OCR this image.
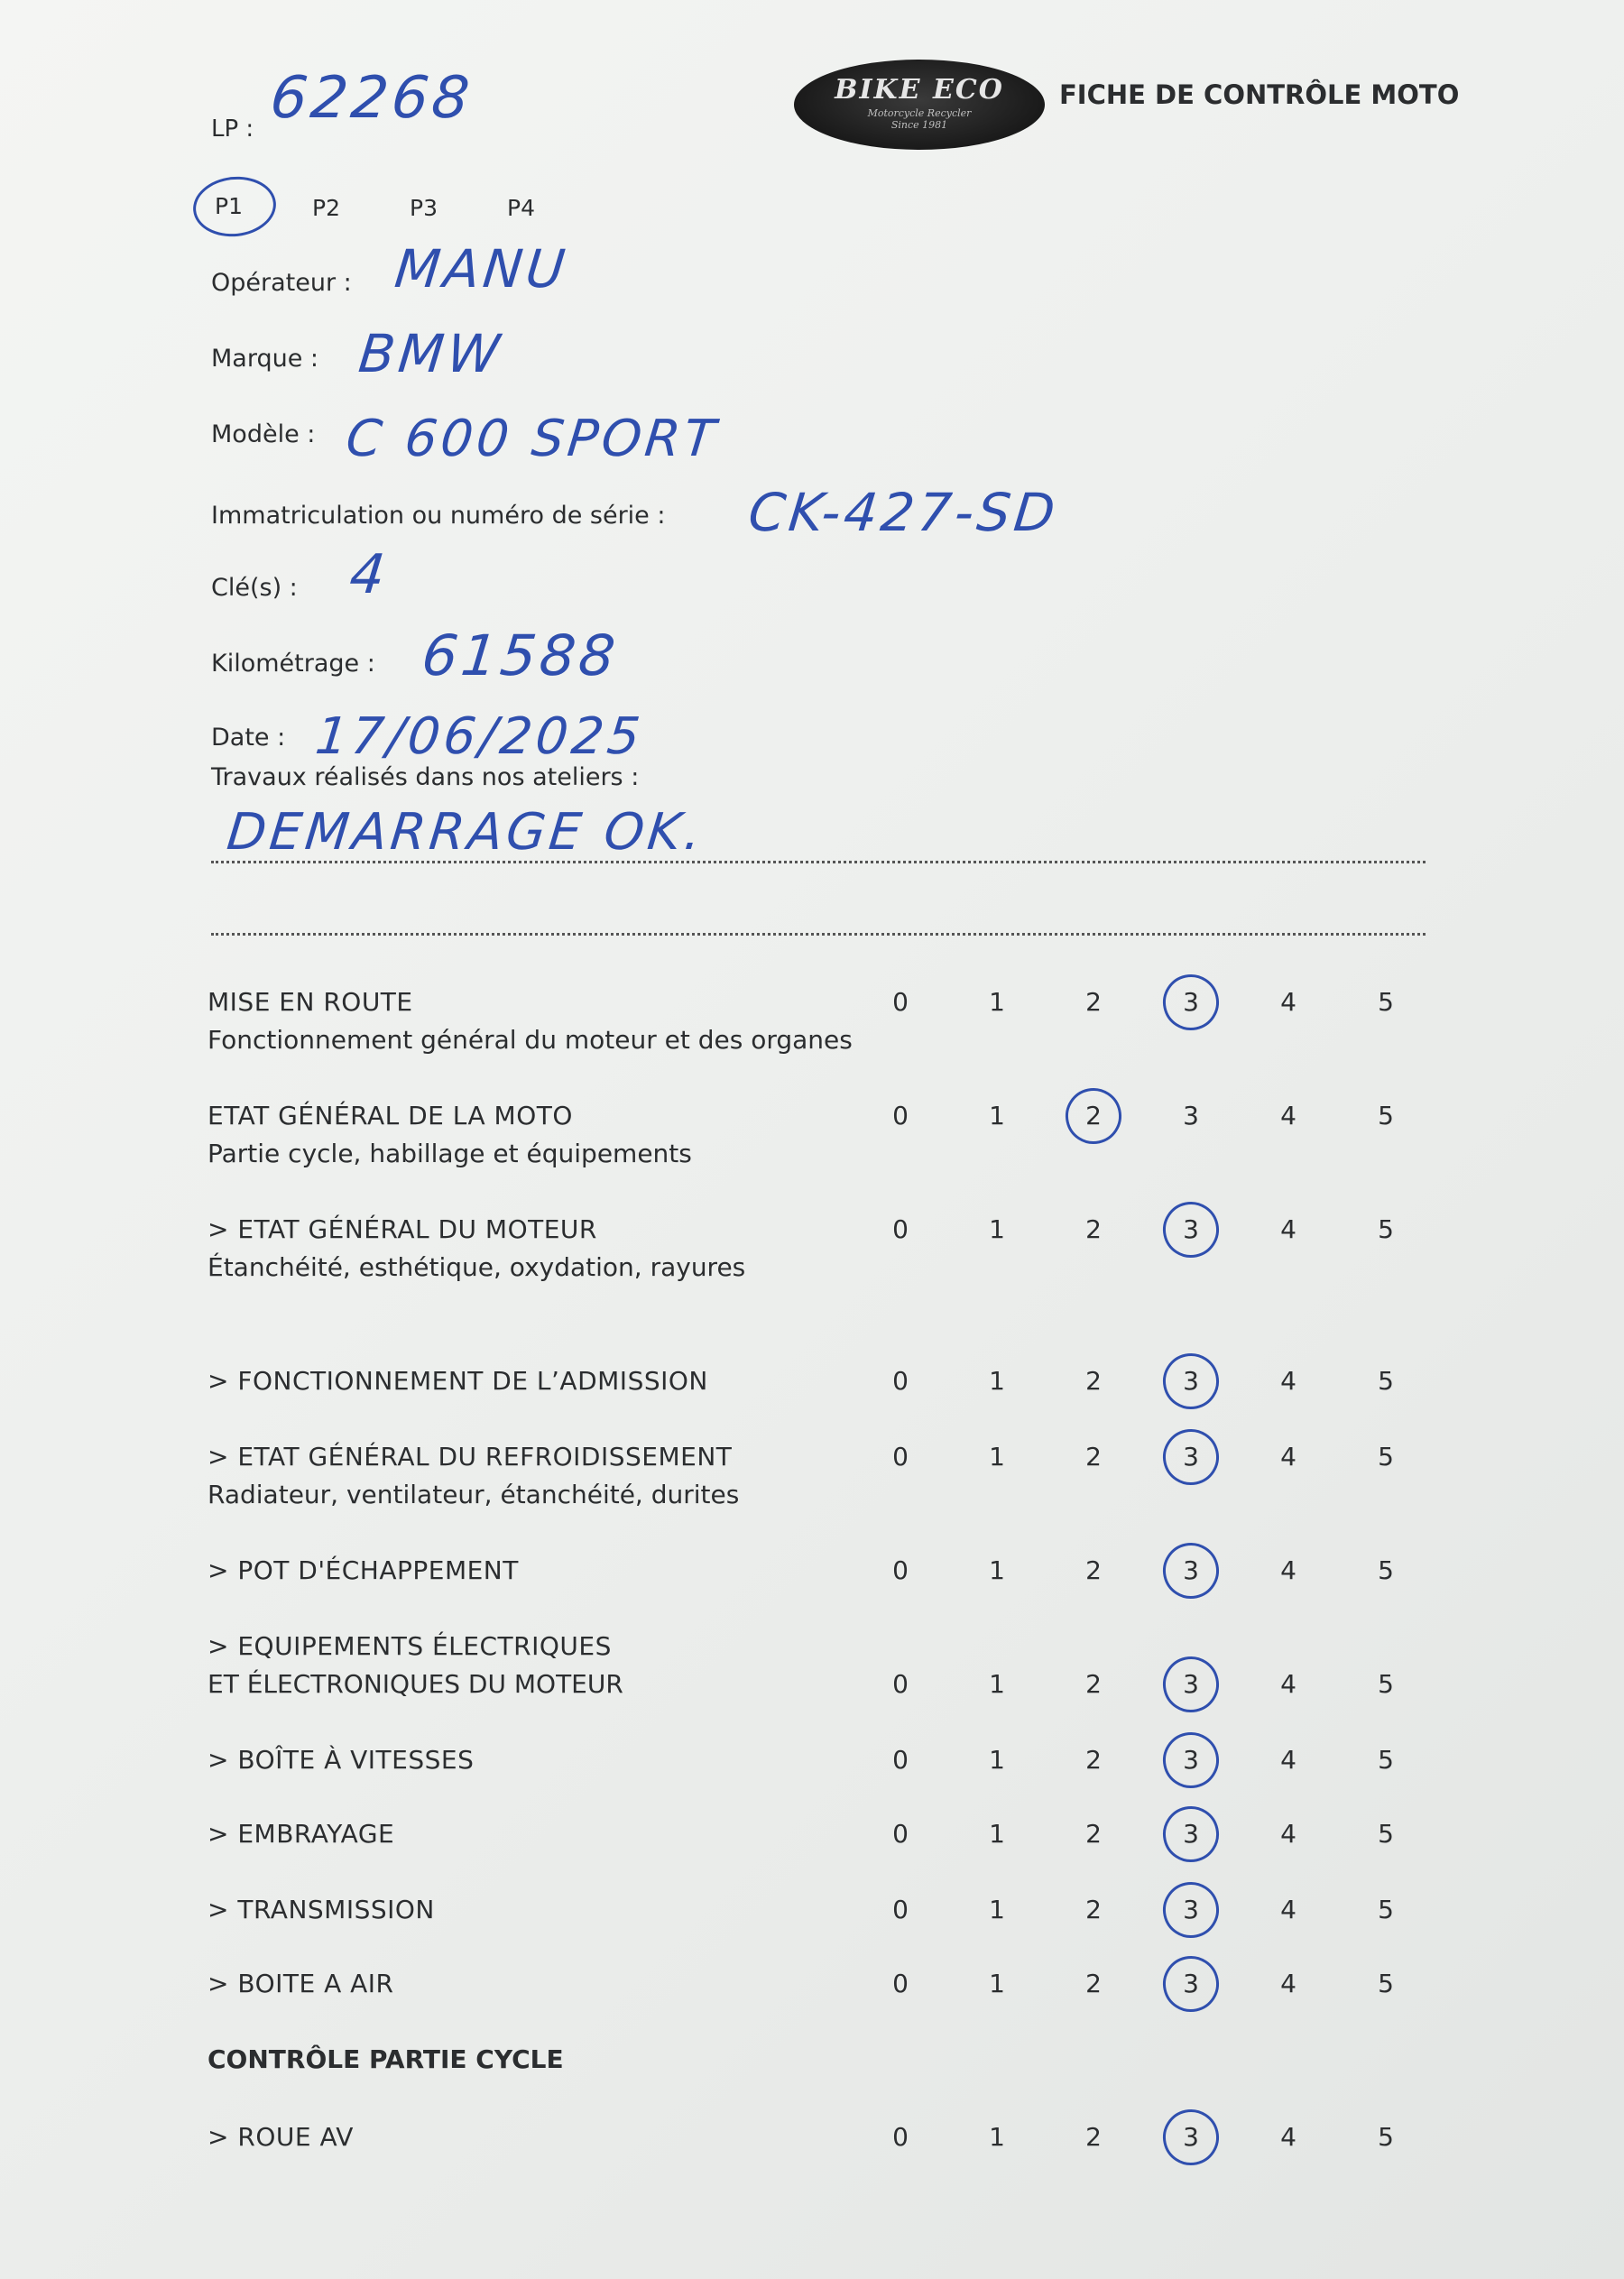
LP : 62268	BIKE ECO
Motorcycle Recycler
Since 1981
FICHE DE CONTRÔLE MOTO
P1	P2	P3	P4
Opérateur : MANU
Marque : BMW
Modèle : C 600 SPORT
Immatriculation ou numéro de série : CK-427-SD
Clé(s) : 4
Kilométrage : 61588
Date : 17/06/2025
Travaux réalisés dans nos ateliers :
DEMARRAGE OK.
MISE EN ROUTE
Fonctionnement général du moteur et des organes
0	1	2	3	4	5
ETAT GÉNÉRAL DE LA MOTO
Partie cycle, habillage et équipements
0	1	2	3	4	5
> ETAT GÉNÉRAL DU MOTEUR
Étanchéité, esthétique, oxydation, rayures
0	1	2	3	4	5
> FONCTIONNEMENT DE L’ADMISSION	0	1	2	3	4	5
> ETAT GÉNÉRAL DU REFROIDISSEMENT
Radiateur, ventilateur, étanchéité, durites
0	1	2	3	4	5
> POT D'ÉCHAPPEMENT	0	1	2	3	4	5
> EQUIPEMENTS ÉLECTRIQUES
ET ÉLECTRONIQUES DU MOTEUR	0	1	2	3	4	5
> BOÎTE À VITESSES	0	1	2	3	4	5
> EMBRAYAGE	0	1	2	3	4	5
> TRANSMISSION	0	1	2	3	4	5
> BOITE A AIR	0	1	2	3	4	5
CONTRÔLE PARTIE CYCLE
> ROUE AV	0	1	2	3	4	5
